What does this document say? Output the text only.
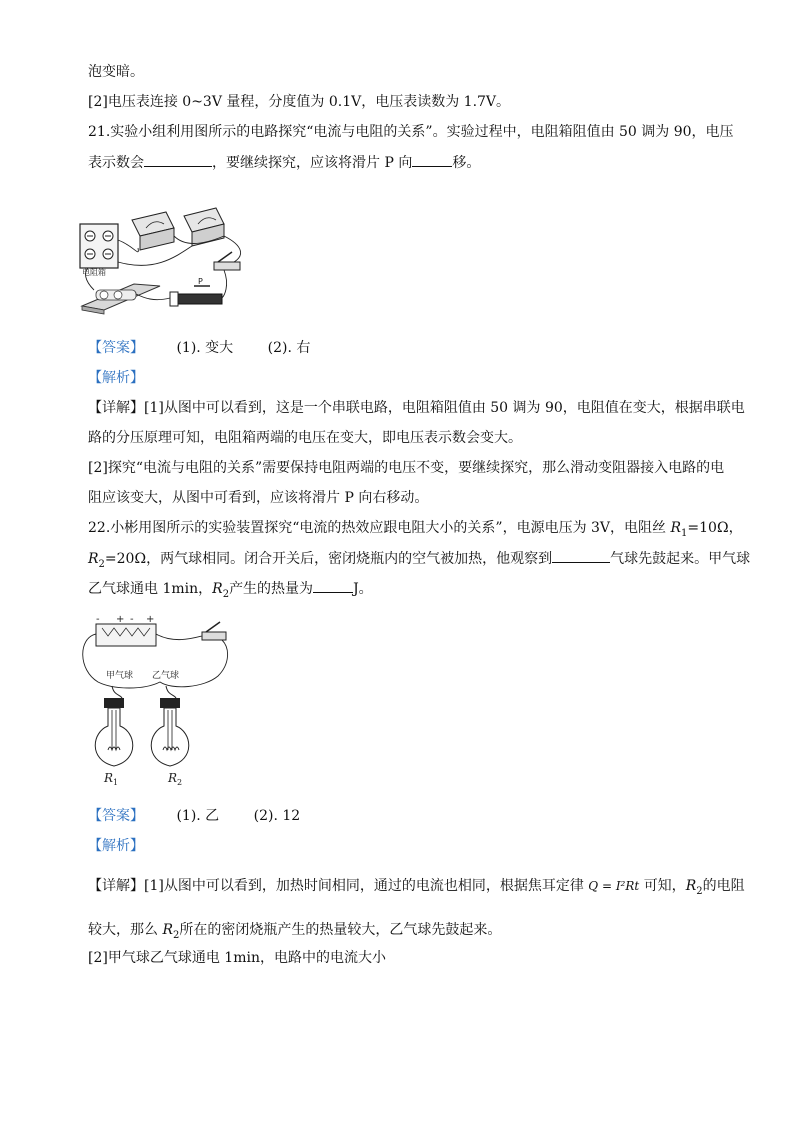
泡变暗。
[2]电压表连接 0~3V 量程，分度值为 0.1V，电压表读数为 1.7V。
21.实验小组利用图所示的电路探究“电流与电阻的关系”。实验过程中，电阻箱阻值由 50 调为 90，电压
表示数会	，要继续探究，应该将滑片 P 向	移。
电阻箱
P
【答案】 (1). 变大 (2). 右
【解析】
【详解】[1]从图中可以看到，这是一个串联电路，电阻箱阻值由 50 调为 90，电阻值在变大，根据串联电
路的分压原理可知，电阻箱两端的电压在变大，即电压表示数会变大。
[2]探究“电流与电阻的关系”需要保持电阻两端的电压不变，要继续探究，那么滑动变阻器接入电路的电
阻应该变大，从图中可看到，应该将滑片 P 向右移动。
22.小彬用图所示的实验装置探究“电流的热效应跟电阻大小的关系”，电源电压为 3V，电阻丝 $R_1=10\Omega$，
$R_2=20\Omega$，两气球相同。闭合开关后，密闭烧瓶内的空气被加热，他观察到	气球先鼓起来。甲气球
乙气球通电 1min，$R_2$产生的热量为	J。
- + - +
甲气球 乙气球
R 1	R 2
【答案】 (1). 乙 (2). 12
【解析】
【详解】[1]从图中可以看到，加热时间相同，通过的电流也相同，根据焦耳定律 Q = I²Rt 可知，$R_2$的电阻
较大，那么 $R_2$所在的密闭烧瓶产生的热量较大，乙气球先鼓起来。
[2]甲气球乙气球通电 1min，电路中的电流大小
